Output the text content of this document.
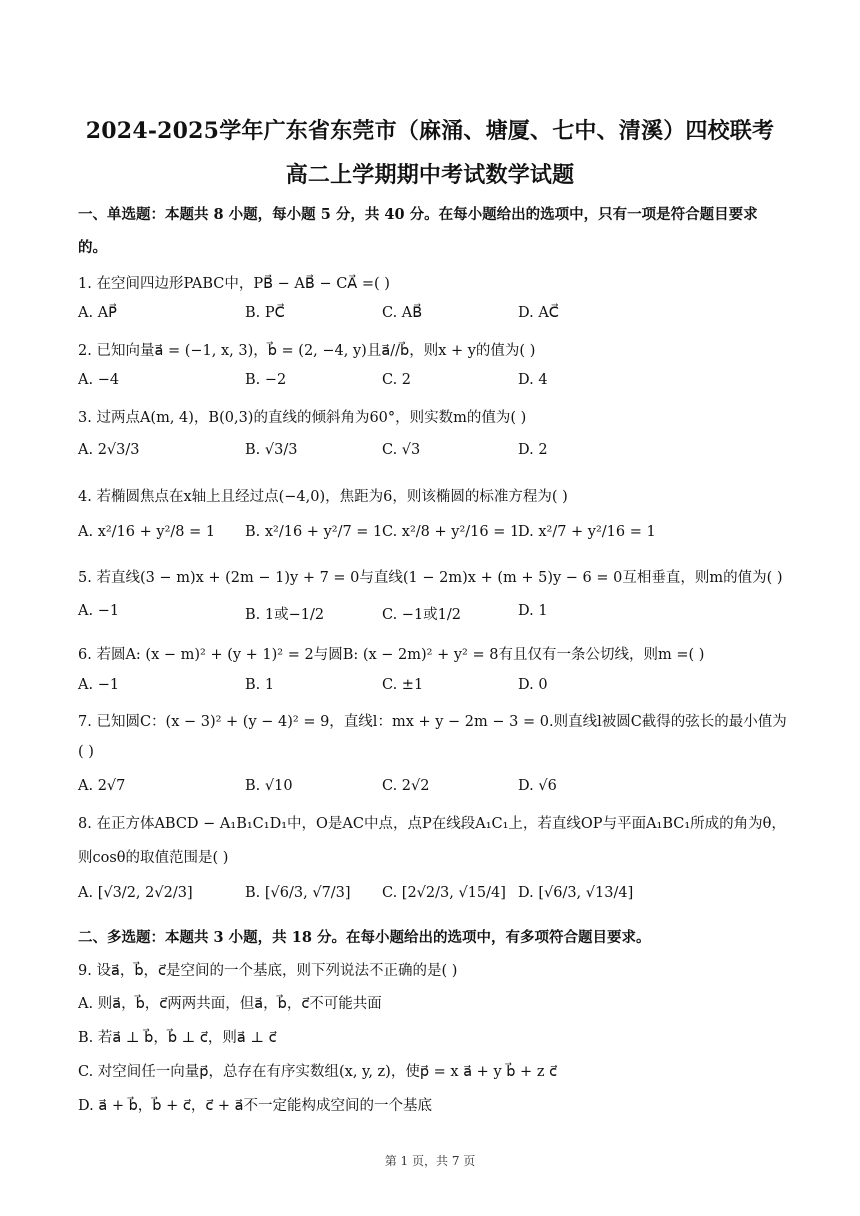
2024-2025学年广东省东莞市（麻涌、塘厦、七中、清溪）四校联考
高二上学期期中考试数学试题
一、单选题：本题共 8 小题，每小题 5 分，共 40 分。在每小题给出的选项中，只有一项是符合题目要求
的。
1. 在空间四边形PABC中，PB⃗ − AB⃗ − CA⃗ =( )
A. AP⃗	B. PC⃗	C. AB⃗	D. AC⃗
2. 已知向量a⃗ = (−1, x, 3)，b⃗ = (2, −4, y)且a⃗//b⃗，则x + y的值为( )
A. −4	B. −2	C. 2	D. 4
3. 过两点A(m, 4)，B(0,3)的直线的倾斜角为60°，则实数m的值为( )
A. 2√3/3	B. √3/3	C. √3	D. 2
4. 若椭圆焦点在x轴上且经过点(−4,0)，焦距为6，则该椭圆的标准方程为( )
A. x²/16 + y²/8 = 1 B. x²/16 + y²/7 = 1 C. x²/8 + y²/16 = 1
D. x²/7 + y²/16 = 1
5. 若直线(3 − m)x + (2m − 1)y + 7 = 0与直线(1 − 2m)x + (m + 5)y − 6 = 0互相垂直，则m的值为( )
A. −1	B. 1或−1/2	C. −1或1/2	D. 1
6. 若圆A: (x − m)² + (y + 1)² = 2与圆B: (x − 2m)² + y² = 8有且仅有一条公切线，则m =( )
A. −1	B. 1	C. ±1	D. 0
7. 已知圆C：(x − 3)² + (y − 4)² = 9，直线l：mx + y − 2m − 3 = 0.则直线l被圆C截得的弦长的最小值为
( )
A. 2√7	B. √10	C. 2√2	D. √6
8. 在正方体ABCD − A₁B₁C₁D₁中，O是AC中点，点P在线段A₁C₁上，若直线OP与平面A₁BC₁所成的角为θ，
则cosθ的取值范围是( )
A. [√3/2, 2√2/3]	B. [√6/3, √7/3] C. [2√2/3, √15/4] D. [√6/3, √13/4]
二、多选题：本题共 3 小题，共 18 分。在每小题给出的选项中，有多项符合题目要求。
9. 设a⃗，b⃗，c⃗是空间的一个基底，则下列说法不正确的是( )
A. 则a⃗，b⃗，c⃗两两共面，但a⃗，b⃗，c⃗不可能共面
B. 若a⃗ ⊥ b⃗，b⃗ ⊥ c⃗，则a⃗ ⊥ c⃗
C. 对空间任一向量p⃗，总存在有序实数组(x, y, z)，使p⃗ = x a⃗ + y b⃗ + z c⃗
D. a⃗ + b⃗，b⃗ + c⃗，c⃗ + a⃗不一定能构成空间的一个基底
第 1 页，共 7 页
